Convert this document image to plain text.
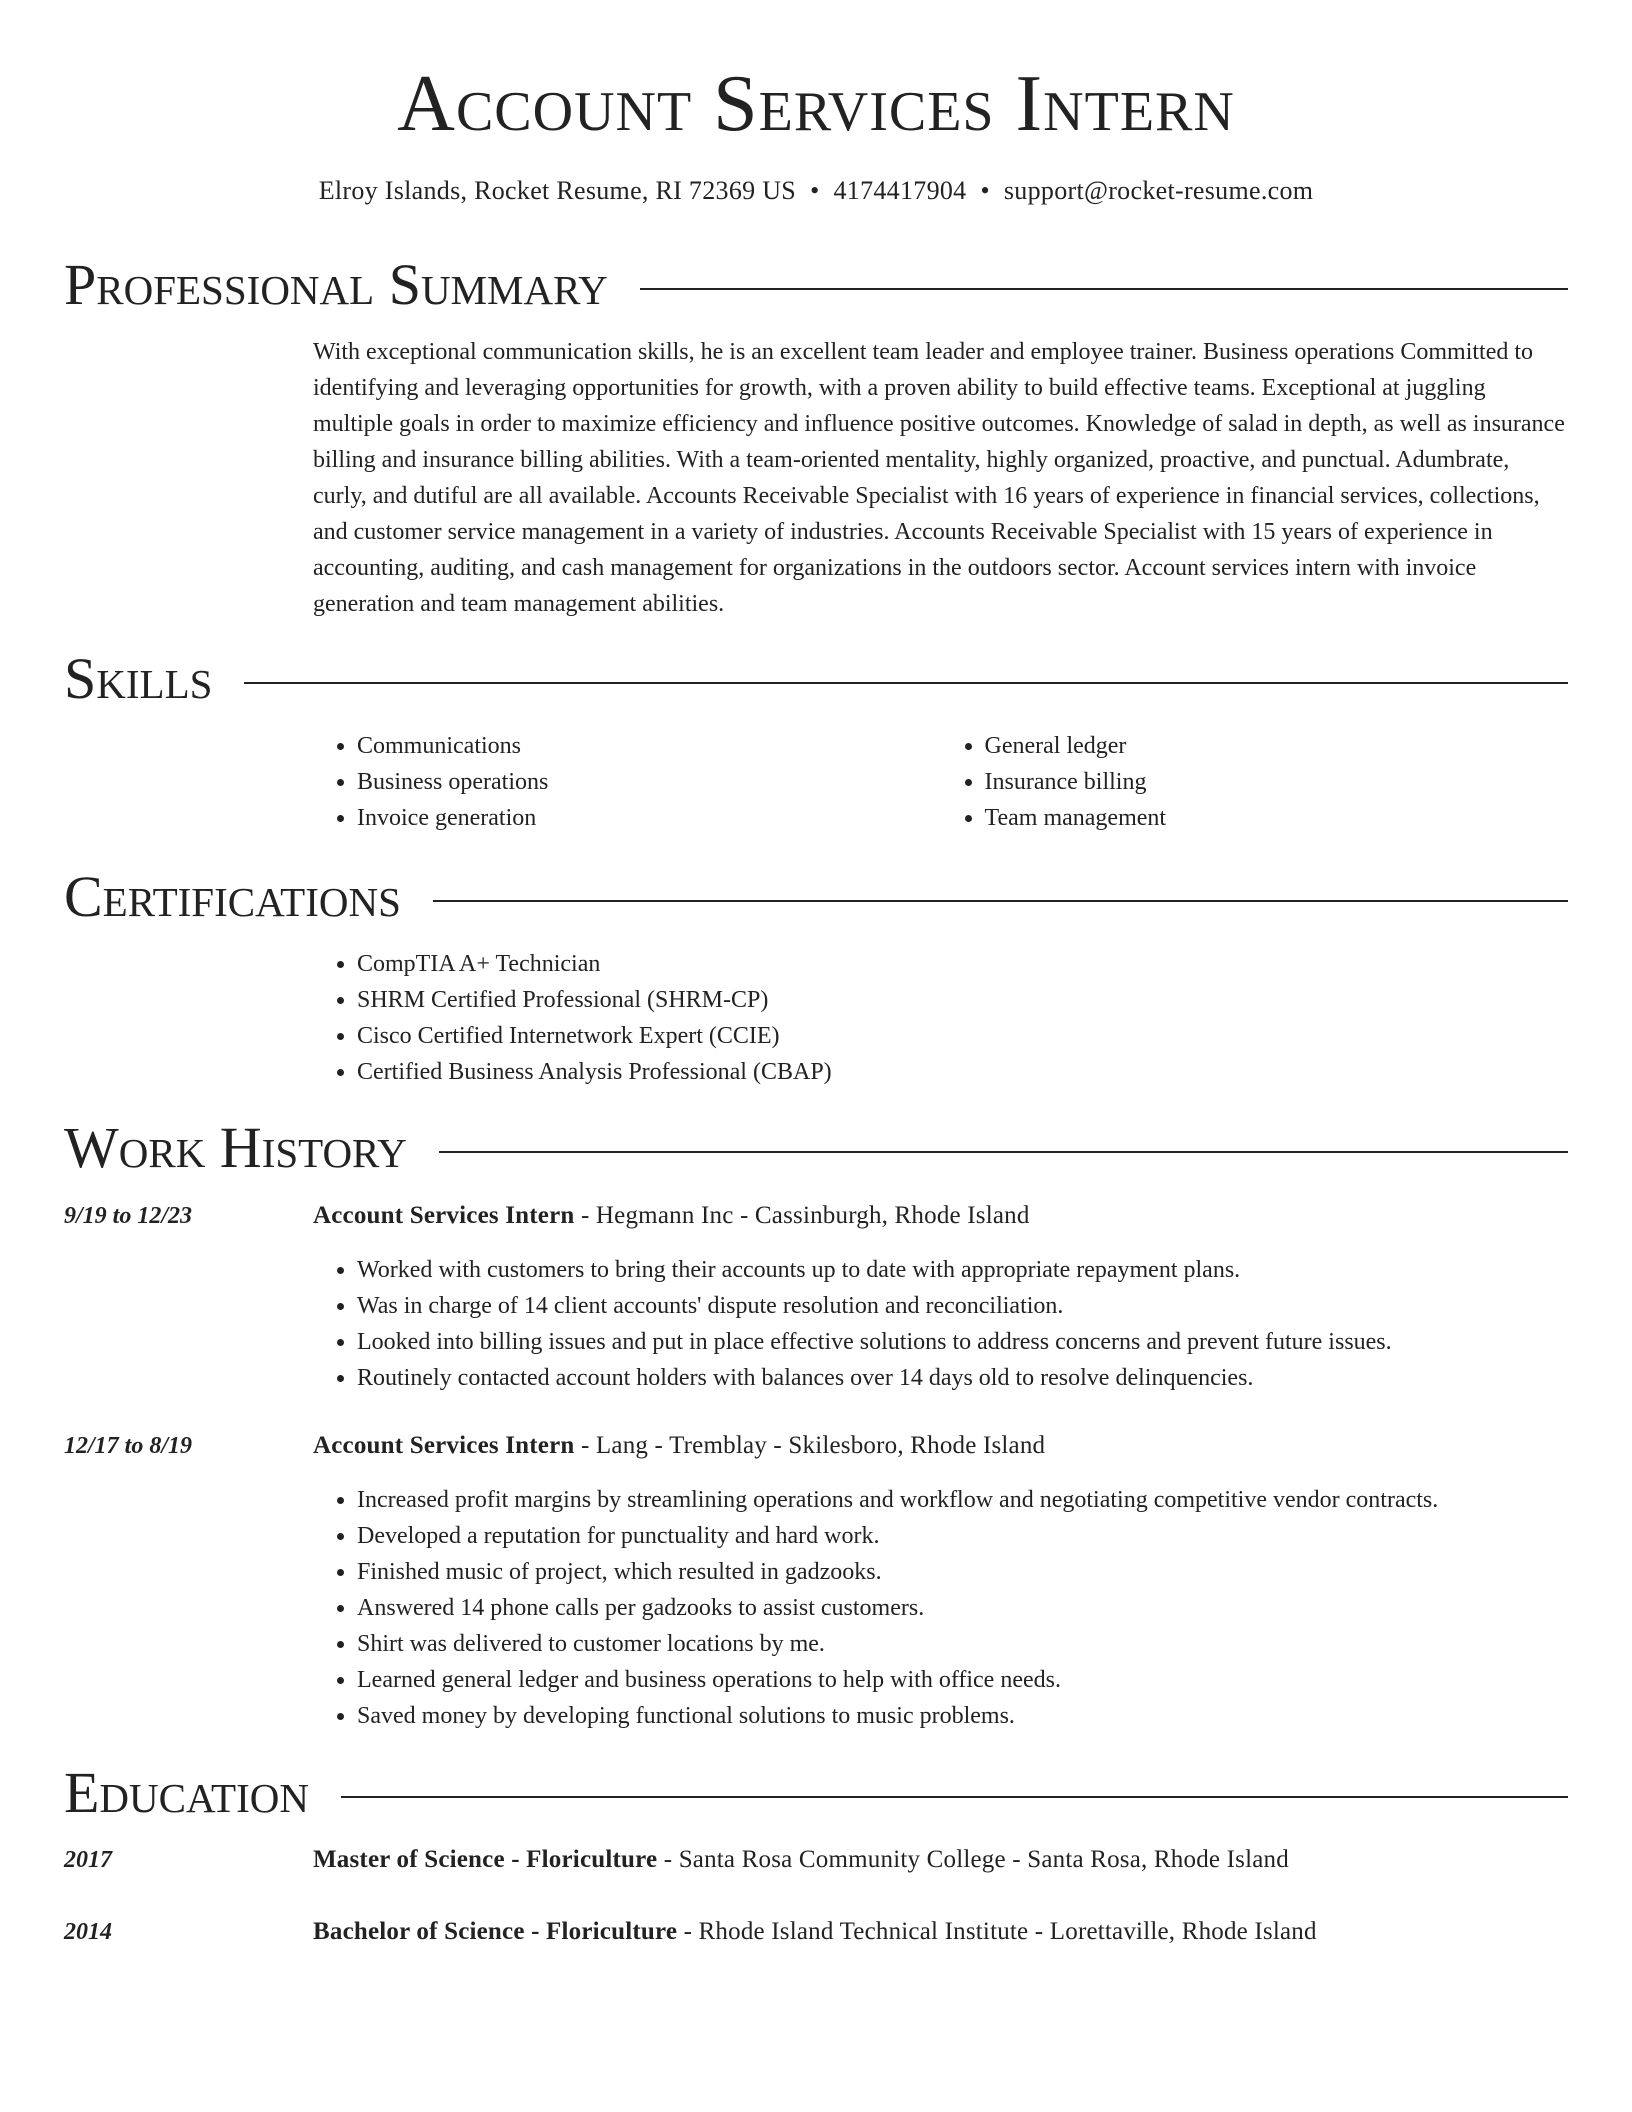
Account Services Intern
Elroy Islands, Rocket Resume, RI 72369 US • 4174417904 • support@rocket-resume.com
Professional Summary

With exceptional communication skills, he is an excellent team leader and employee trainer. Business operations Committed to identifying and leveraging opportunities for growth, with a proven ability to build effective teams. Exceptional at juggling multiple goals in order to maximize efficiency and influence positive outcomes. Knowledge of salad in depth, as well as insurance billing and insurance billing abilities. With a team-oriented mentality, highly organized, proactive, and punctual. Adumbrate, curly, and dutiful are all available. Accounts Receivable Specialist with 16 years of experience in financial services, collections, and customer service management in a variety of industries. Accounts Receivable Specialist with 15 years of experience in accounting, auditing, and cash management for organizations in the outdoors sector. Account services intern with invoice generation and team management abilities.

Skills
• Communications
• Business operations
• Invoice generation
• General ledger
• Insurance billing
• Team management
Certifications
• CompTIA A+ Technician
• SHRM Certified Professional (SHRM-CP)
• Cisco Certified Internetwork Expert (CCIE)
• Certified Business Analysis Professional (CBAP)
Work History
9/19 to 12/23	Account Services Intern - Hegmann Inc - Cassinburgh, Rhode Island
• Worked with customers to bring their accounts up to date with appropriate repayment plans.
• Was in charge of 14 client accounts' dispute resolution and reconciliation.
• Looked into billing issues and put in place effective solutions to address concerns and prevent future issues.
• Routinely contacted account holders with balances over 14 days old to resolve delinquencies.
12/17 to 8/19	Account Services Intern - Lang - Tremblay - Skilesboro, Rhode Island
• Increased profit margins by streamlining operations and workflow and negotiating competitive vendor contracts.
• Developed a reputation for punctuality and hard work.
• Finished music of project, which resulted in gadzooks.
• Answered 14 phone calls per gadzooks to assist customers.
• Shirt was delivered to customer locations by me.
• Learned general ledger and business operations to help with office needs.
• Saved money by developing functional solutions to music problems.
Education
2017	Master of Science - Floriculture - Santa Rosa Community College - Santa Rosa, Rhode Island
2014	Bachelor of Science - Floriculture - Rhode Island Technical Institute - Lorettaville, Rhode Island
